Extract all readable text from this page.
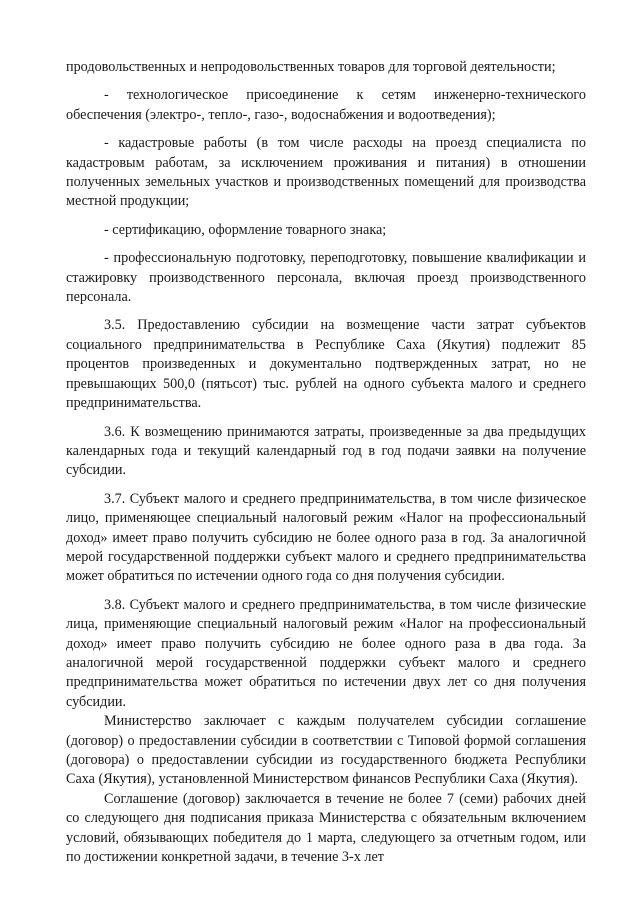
продовольственных и непродовольственных товаров для торговой деятельности;

- технологическое присоединение к сетям инженерно-технического обеспечения (электро-, тепло-, газо-, водоснабжения и водоотведения);

- кадастровые работы (в том числе расходы на проезд специалиста по кадастровым работам, за исключением проживания и питания) в отношении полученных земельных участков и производственных помещений для производства местной продукции;

- сертификацию, оформление товарного знака;

- профессиональную подготовку, переподготовку, повышение квалификации и стажировку производственного персонала, включая проезд производственного персонала.

3.5. Предоставлению субсидии на возмещение части затрат субъектов социального предпринимательства в Республике Саха (Якутия) подлежит 85 процентов произведенных и документально подтвержденных затрат, но не превышающих 500,0 (пятьсот) тыс. рублей на одного субъекта малого и среднего предпринимательства.

3.6. К возмещению принимаются затраты, произведенные за два предыдущих календарных года и текущий календарный год в год подачи заявки на получение субсидии.

3.7. Субъект малого и среднего предпринимательства, в том числе физическое лицо, применяющее специальный налоговый режим «Налог на профессиональный доход» имеет право получить субсидию не более одного раза в год. За аналогичной мерой государственной поддержки субъект малого и среднего предпринимательства может обратиться по истечении одного года со дня получения субсидии.

3.8. Субъект малого и среднего предпринимательства, в том числе физические лица, применяющие специальный налоговый режим «Налог на профессиональный доход» имеет право получить субсидию не более одного раза в два года. За аналогичной мерой государственной поддержки субъект малого и среднего предпринимательства может обратиться по истечении двух лет со дня получения субсидии.

Министерство заключает с каждым получателем субсидии соглашение (договор) о предоставлении субсидии в соответствии с Типовой формой соглашения (договора) о предоставлении субсидии из государственного бюджета Республики Саха (Якутия), установленной Министерством финансов Республики Саха (Якутия).

Соглашение (договор) заключается в течение не более 7 (семи) рабочих дней со следующего дня подписания приказа Министерства с обязательным включением условий, обязывающих победителя до 1 марта, следующего за отчетным годом, или по достижении конкретной задачи, в течение 3-х лет
